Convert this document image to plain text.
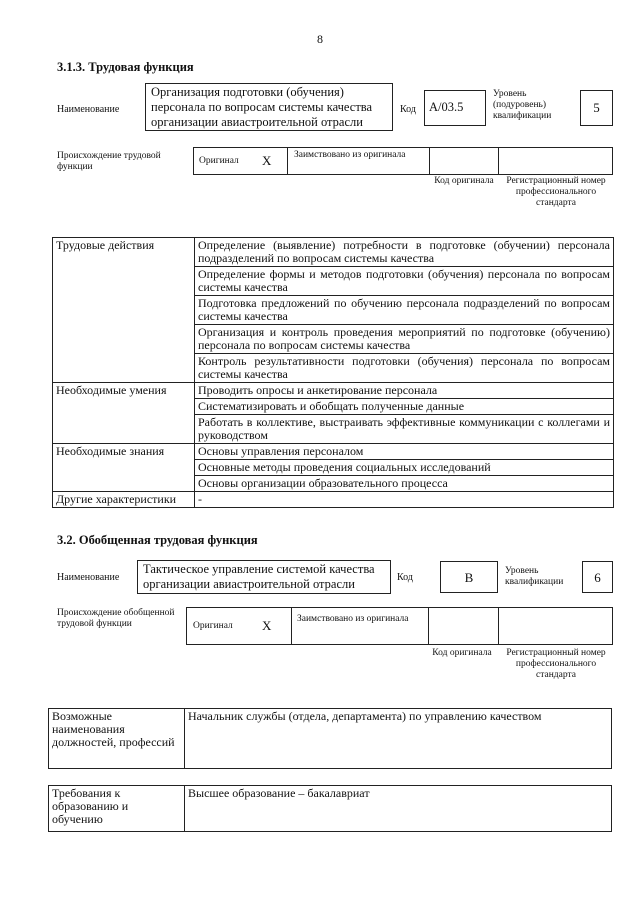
8
3.1.3. Трудовая функция
Наименование
Организация подготовки (обучения) персонала по вопросам системы качества организации авиастроительной отрасли
Код	А/03.5
Уровень (подуровень) квалификации
5
Происхождение трудовой функции
Оригинал X Заимствовано из оригинала
Код оригинала	Регистрационный номер профессионального стандарта
Трудовые действия	Определение (выявление) потребности в подготовке (обучении) персонала подразделений по вопросам системы качества
	Определение формы и методов подготовки (обучения) персонала по вопросам системы качества
	Подготовка предложений по обучению персонала подразделений по вопросам системы качества
	Организация и контроль проведения мероприятий по подготовке (обучению) персонала по вопросам системы качества
	Контроль результативности подготовки (обучения) персонала по вопросам системы качества
Необходимые умения	Проводить опросы и анкетирование персонала
	Систематизировать и обобщать полученные данные
	Работать в коллективе, выстраивать эффективные коммуникации с коллегами и руководством
Необходимые знания	Основы управления персоналом
	Основные методы проведения социальных исследований
	Основы организации образовательного процесса
Другие характеристики	-
3.2. Обобщенная трудовая функция
Наименование
Тактическое управление системой качества организации авиастроительной отрасли	Код	В	Уровень квалификации	6
Происхождение обобщенной трудовой функции	Оригинал X	Заимствовано из оригинала
Код оригинала	Регистрационный номер профессионального стандарта
Возможные наименования должностей, профессий	Начальник службы (отдела, департамента) по управлению качеством
Требования к образованию и обучению	Высшее образование – бакалавриат
